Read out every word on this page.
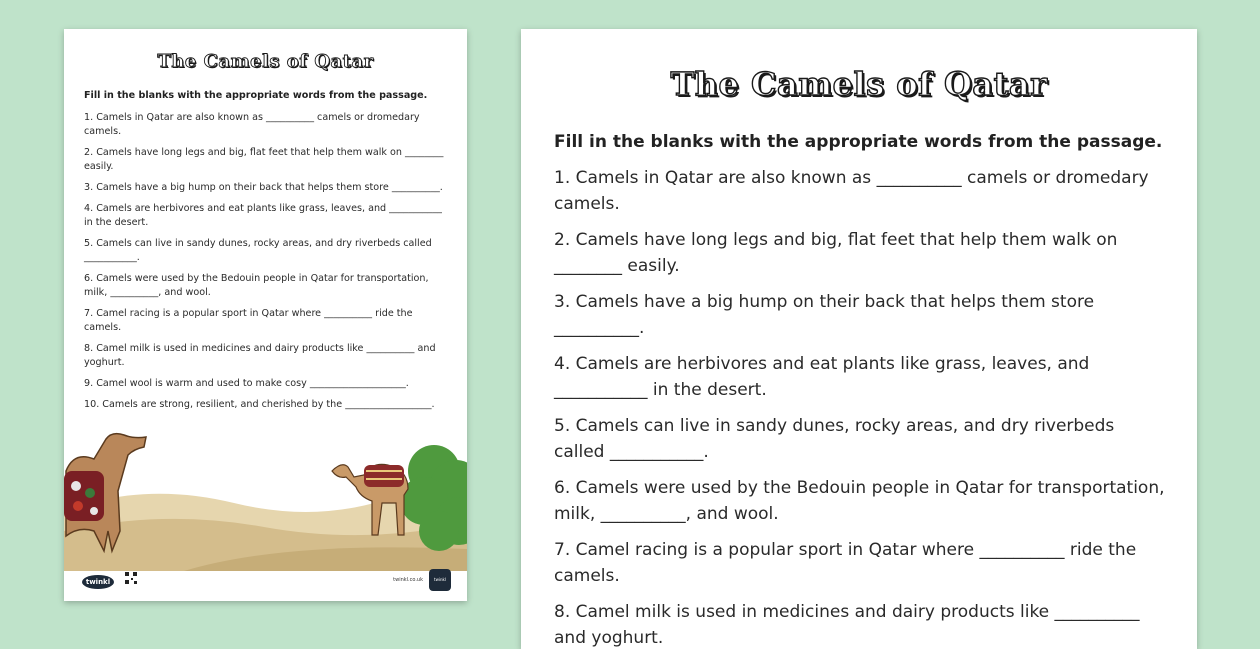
The Camels of Qatar
Fill in the blanks with the appropriate words from the passage.
1. Camels in Qatar are also known as __________ camels or dromedary camels.
2. Camels have long legs and big, flat feet that help them walk on ________ easily.
3. Camels have a big hump on their back that helps them store __________.
4. Camels are herbivores and eat plants like grass, leaves, and ___________ in the desert.
5. Camels can live in sandy dunes, rocky areas, and dry riverbeds called ___________.
6. Camels were used by the Bedouin people in Qatar for transportation, milk, __________, and wool.
7. Camel racing is a popular sport in Qatar where __________ ride the camels.
8. Camel milk is used in medicines and dairy products like __________ and yoghurt.
9. Camel wool is warm and used to make cosy ____________________.
10. Camels are strong, resilient, and cherished by the __________________.
twinkl	twinkl.co.uk	twinkl
The Camels of Qatar
Fill in the blanks with the appropriate words from the passage.
1. Camels in Qatar are also known as __________ camels or dromedary camels.
2. Camels have long legs and big, flat feet that help them walk on ________ easily.
3. Camels have a big hump on their back that helps them store __________.
4. Camels are herbivores and eat plants like grass, leaves, and ___________ in the desert.
5. Camels can live in sandy dunes, rocky areas, and dry riverbeds called ___________.
6. Camels were used by the Bedouin people in Qatar for transportation, milk, __________, and wool.
7. Camel racing is a popular sport in Qatar where __________ ride the camels.
8. Camel milk is used in medicines and dairy products like __________ and yoghurt.
